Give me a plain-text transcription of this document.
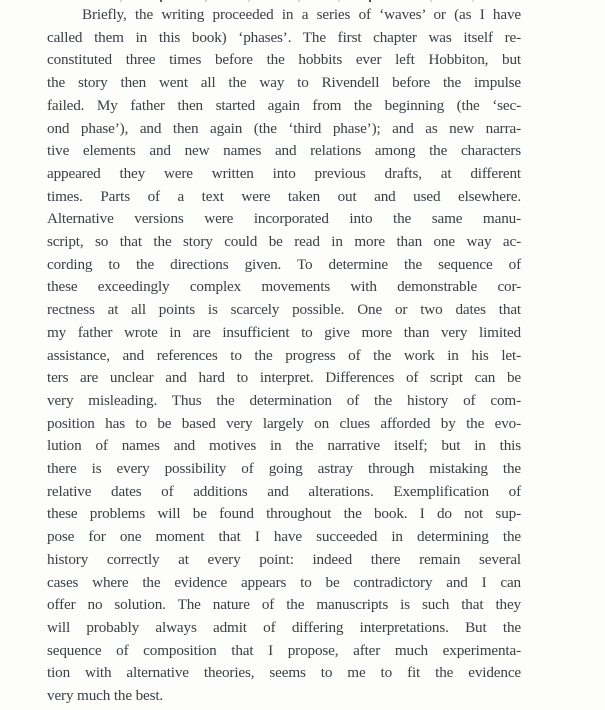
Briefly, the writing proceeded in a series of ‘waves’ or (as I have
called them in this book) ‘phases’. The first chapter was itself re-
constituted three times before the hobbits ever left Hobbiton, but
the story then went all the way to Rivendell before the impulse
failed. My father then started again from the beginning (the ‘sec-
ond phase’), and then again (the ‘third phase’); and as new narra-
tive elements and new names and relations among the characters
appeared they were written into previous drafts, at different
times. Parts of a text were taken out and used elsewhere.
Alternative versions were incorporated into the same manu-
script, so that the story could be read in more than one way ac-
cording to the directions given. To determine the sequence of
these exceedingly complex movements with demonstrable cor-
rectness at all points is scarcely possible. One or two dates that
my father wrote in are insufficient to give more than very limited
assistance, and references to the progress of the work in his let-
ters are unclear and hard to interpret. Differences of script can be
very misleading. Thus the determination of the history of com-
position has to be based very largely on clues afforded by the evo-
lution of names and motives in the narrative itself; but in this
there is every possibility of going astray through mistaking the
relative dates of additions and alterations. Exemplification of
these problems will be found throughout the book. I do not sup-
pose for one moment that I have succeeded in determining the
history correctly at every point: indeed there remain several
cases where the evidence appears to be contradictory and I can
offer no solution. The nature of the manuscripts is such that they
will probably always admit of differing interpretations. But the
sequence of composition that I propose, after much experimenta-
tion with alternative theories, seems to me to fit the evidence
very much the best.
